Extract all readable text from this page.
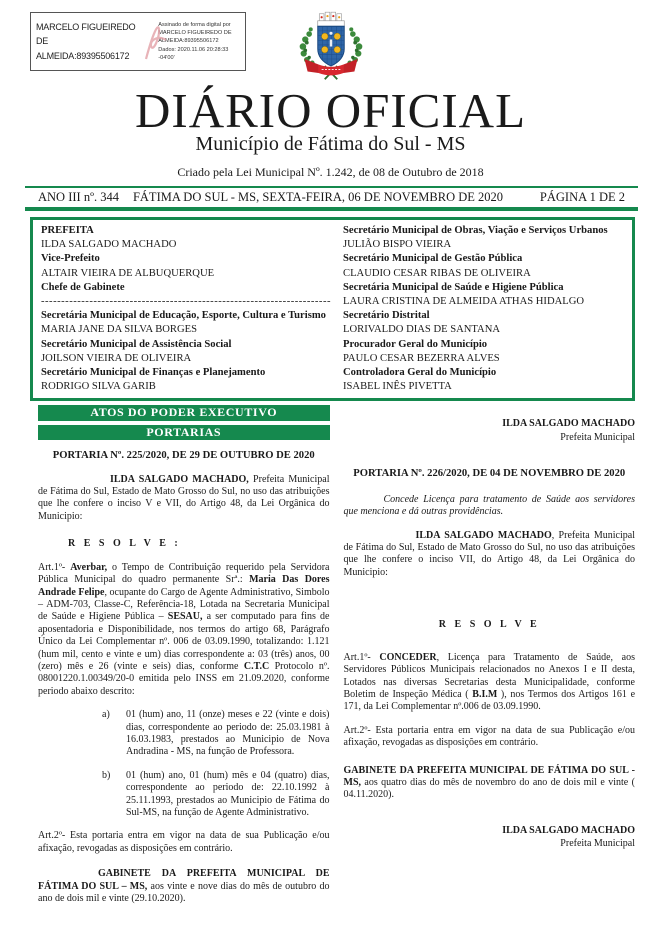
MARCELO FIGUEIREDO DE
ALMEIDA:89395506172
Assinado de forma digital por
MARCELO FIGUEIREDO DE
ALMEIDA:89395506172
Dados: 2020.11.06 20:28:33 -04'00'
DIÁRIO OFICIAL
Município de Fátima do Sul - MS
Criado pela Lei Municipal Nº. 1.242, de 08 de Outubro de 2018
ANO III nº. 344 FÁTIMA DO SUL - MS, SEXTA-FEIRA, 06 DE NOVEMBRO DE 2020	PÁGINA 1 DE 2
PREFEITA
ILDA SALGADO MACHADO
Vice-Prefeito
ALTAIR VIEIRA DE ALBUQUERQUE
Chefe de Gabinete
------------------------------------------------------------------------
Secretária Municipal de Educação, Esporte, Cultura e Turismo
MARIA JANE DA SILVA BORGES
Secretário Municipal de Assistência Social
JOILSON VIEIRA DE OLIVEIRA
Secretário Municipal de Finanças e Planejamento
RODRIGO SILVA GARIB
Secretário Municipal de Obras, Viação e Serviços Urbanos
JULIÃO BISPO VIEIRA
Secretário Municipal de Gestão Pública
CLAUDIO CESAR RIBAS DE OLIVEIRA
Secretária Municipal de Saúde e Higiene Pública
LAURA CRISTINA DE ALMEIDA ATHAS HIDALGO
Secretário Distrital
LORIVALDO DIAS DE SANTANA
Procurador Geral do Município
PAULO CESAR BEZERRA ALVES
Controladora Geral do Município
ISABEL INÊS PIVETTA
ATOS DO PODER EXECUTIVO
PORTARIAS
PORTARIA Nº. 225/2020, DE 29 DE OUTUBRO DE 2020

ILDA SALGADO MACHADO, Prefeita Municipal de Fátima do Sul, Estado de Mato Grosso do Sul, no uso das atribuições que lhe confere o inciso V e VII, do Artigo 48, da Lei Orgânica do Municipio:

R E S O L V E :

Art.1º- Averbar, o Tempo de Contribuição requerido pela Servidora Pública Municipal do quadro permanente Srª.: Maria Das Dores Andrade Felipe, ocupante do Cargo de Agente Administrativo, Simbolo – ADM-703, Classe-C, Referência-18, Lotada na Secretaria Municipal de Saúde e Higiene Pública – SESAU, a ser computado para fins de aposentadoria e Disponibilidade, nos termos do artigo 68, Parágrafo Único da Lei Complementar nº. 006 de 03.09.1990, totalizando: 1.121 (hum mil, cento e vinte e um) dias correspondente a: 03 (três) anos, 00 (zero) mês e 26 (vinte e seis) dias, conforme C.T.C Protocolo nº. 08001220.1.00349/20-0 emitida pelo INSS em 21.09.2020, conforme periodo abaixo descrito:

a)	01 (hum) ano, 11 (onze) meses e 22 (vinte e dois) dias, correspondente ao periodo de: 25.03.1981 à 16.03.1983, prestados ao Municipio de Nova Andradina - MS, na função de Professora.
b)	01 (hum) ano, 01 (hum) mês e 04 (quatro) dias, correspondente ao periodo de: 22.10.1992 à 25.11.1993, prestados ao Municipio de Fátima do Sul-MS, na função de Agente Administrativo.

Art.2º- Esta portaria entra em vigor na data de sua Publicação e/ou afixação, revogadas as disposições em contrário.

GABINETE DA PREFEITA MUNICIPAL DE FÁTIMA DO SUL – MS, aos vinte e nove dias do mês de outubro do ano de dois mil e vinte (29.10.2020).

ILDA SALGADO MACHADO
Prefeita Municipal
PORTARIA Nº. 226/2020, DE 04 DE NOVEMBRO DE 2020

Concede Licença para tratamento de Saúde aos servidores que menciona e dá outras providências.

ILDA SALGADO MACHADO, Prefeita Municipal de Fátima do Sul, Estado de Mato Grosso do Sul, no uso das atribuições que lhe confere o inciso VII, do Artigo 48, da Lei Orgânica do Municipio:

R E S O L V E

Art.1º- CONCEDER, Licença para Tratamento de Saúde, aos Servidores Públicos Municipais relacionados no Anexos I e II desta, Lotados nas diversas Secretarias desta Municipalidade, conforme Boletim de Inspeção Médica ( B.I.M ), nos Termos dos Artigos 161 e 171, da Lei Complementar nº.006 de 03.09.1990.

Art.2º- Esta portaria entra em vigor na data de sua Publicação e/ou afixação, revogadas as disposições em contrário.

GABINETE DA PREFEITA MUNICIPAL DE FÁTIMA DO SUL - MS, aos quatro dias do mês de novembro do ano de dois mil e vinte ( 04.11.2020).

ILDA SALGADO MACHADO
Prefeita Municipal
